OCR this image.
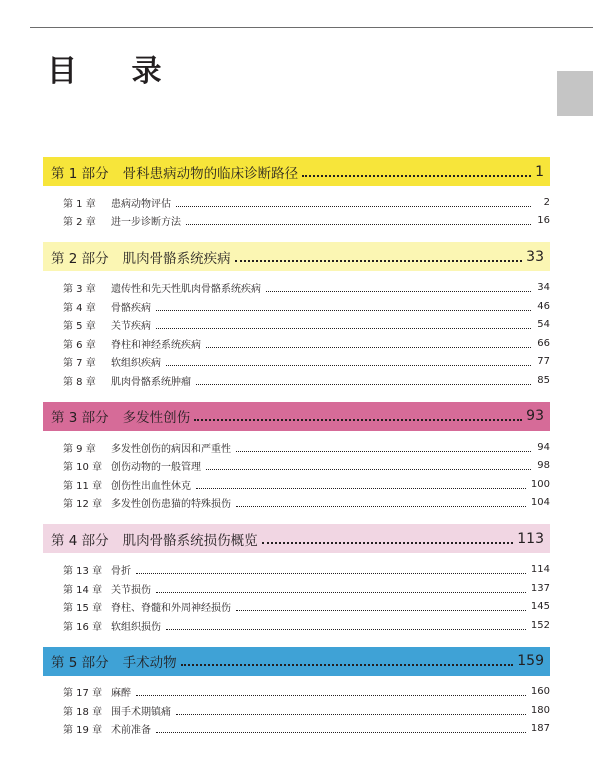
目 录
第 1 部分 骨科患病动物的临床诊断路径	1
第 1 章	患病动物评估	2
第 2 章	进一步诊断方法	16
第 2 部分 肌肉骨骼系统疾病	33
第 3 章	遗传性和先天性肌肉骨骼系统疾病	34
第 4 章	骨骼疾病	46
第 5 章	关节疾病	54
第 6 章	脊柱和神经系统疾病	66
第 7 章	软组织疾病	77
第 8 章	肌肉骨骼系统肿瘤	85
第 3 部分 多发性创伤	93
第 9 章	多发性创伤的病因和严重性	94
第 10 章 创伤动物的一般管理	98
第 11 章 创伤性出血性休克	100
第 12 章 多发性创伤患猫的特殊损伤	104
第 4 部分 肌肉骨骼系统损伤概览	113
第 13 章 骨折	114
第 14 章 关节损伤	137
第 15 章 脊柱、脊髓和外周神经损伤	145
第 16 章 软组织损伤	152
第 5 部分 手术动物	159
第 17 章 麻醉	160
第 18 章 围手术期镇痛	180
第 19 章 术前准备	187
